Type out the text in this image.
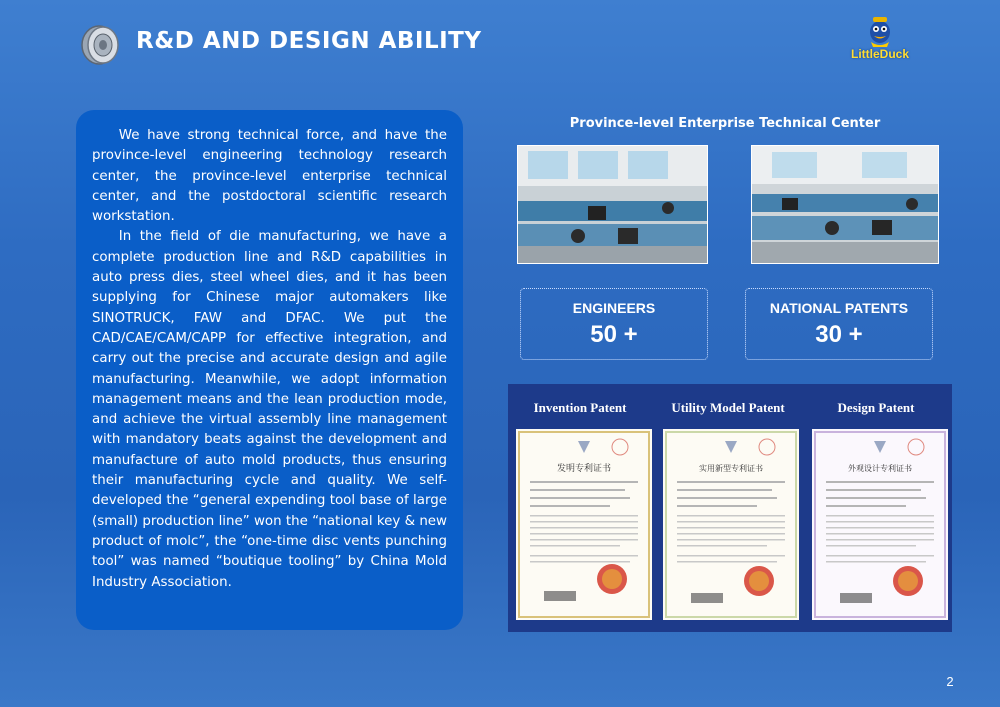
R&D AND DESIGN ABILITY	LittleDuck

We have strong technical force, and have the province-level engineering technology research center, the province-level enterprise technical center, and the postdoctoral scientific research workstation.

In the field of die manufacturing, we have a complete production line and R&D capabilities in auto press dies, steel wheel dies, and it has been supplying for Chinese major automakers like SINOTRUCK, FAW and DFAC. We put the CAD/CAE/CAM/CAPP for effective integration, and carry out the precise and accurate design and agile manufacturing. Meanwhile, we adopt information management means and the lean production mode, and achieve the virtual assembly line management with mandatory beats against the development and manufacture of auto mold products, thus ensuring their manufacturing cycle and quality. We self-developed the “general expending tool base of large (small) production line” won the “national key & new product of molc”, the “one-time disc vents punching tool” was named “boutique tooling” by China Mold Industry Association.

Province-level Enterprise Technical Center
ENGINEERS
50 +
NATIONAL PATENTS
30 +
Invention Patent	Utility Model Patent	Design Patent
发明专利证书	实用新型专利证书	外观设计专利证书
2
